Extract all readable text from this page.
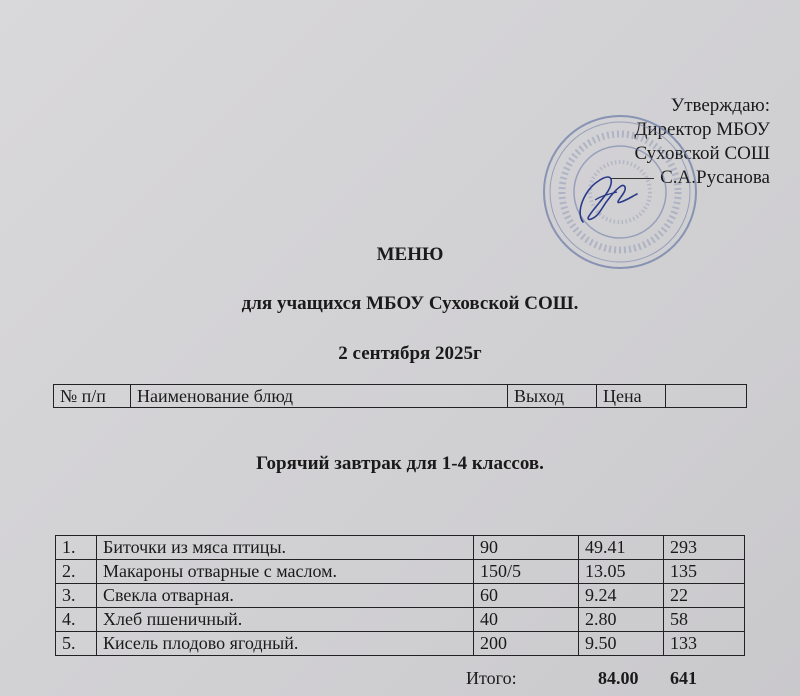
Утверждаю:
Директор МБОУ
Суховской СОШ
С.А.Русанова
МЕНЮ
для учащихся МБОУ Суховской СОШ.
2 сентября 2025г
№ п/п	Наименование блюд	Выход	Цена	
Горячий завтрак для 1-4 классов.
1.	Биточки из мяса птицы.	90	49.41	293
2.	Макароны отварные с маслом.	150/5	13.05	135
3.	Свекла отварная.	60	9.24	22
4.	Хлеб пшеничный.	40	2.80	58
5.	Кисель плодово ягодный.	200	9.50	133
Итого:	84.00 641
